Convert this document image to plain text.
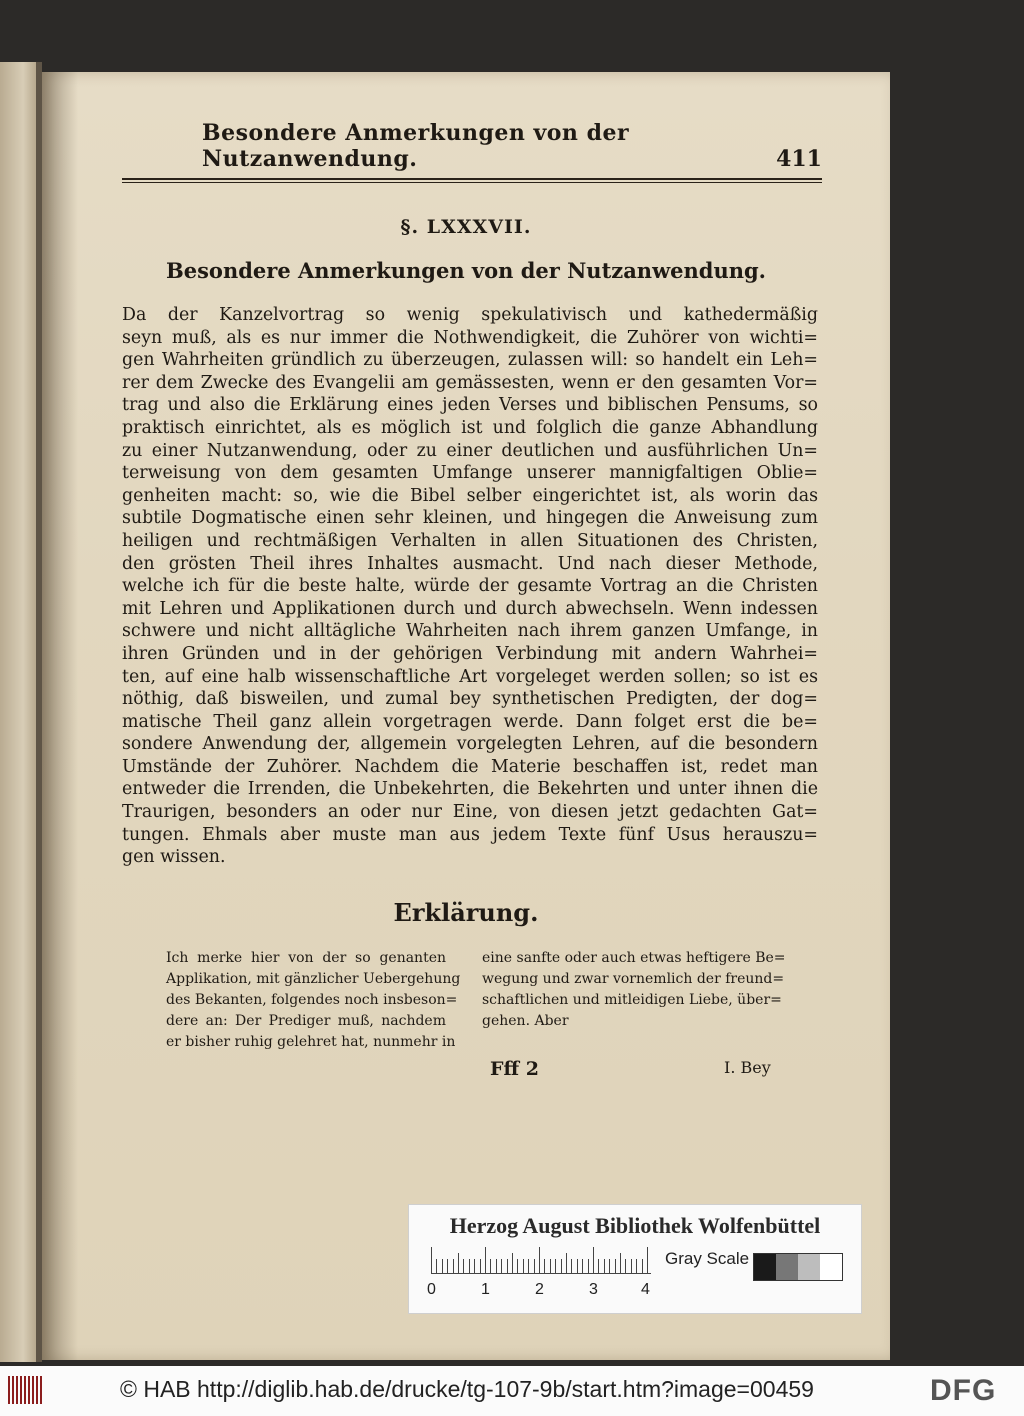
Besondere Anmerkungen von der Nutzanwendung.	411
§. LXXXVII.
Besondere Anmerkungen von der Nutzanwendung.
Da der Kanzelvortrag so wenig spekulativisch und kathedermäßig
seyn muß, als es nur immer die Nothwendigkeit, die Zuhörer von wichti=
gen Wahrheiten gründlich zu überzeugen, zulassen will: so handelt ein Leh=
rer dem Zwecke des Evangelii am gemässesten, wenn er den gesamten Vor=
trag und also die Erklärung eines jeden Verses und biblischen Pensums, so
praktisch einrichtet, als es möglich ist und folglich die ganze Abhandlung
zu einer Nutzanwendung, oder zu einer deutlichen und ausführlichen Un=
terweisung von dem gesamten Umfange unserer mannigfaltigen Oblie=
genheiten macht: so, wie die Bibel selber eingerichtet ist, als worin das
subtile Dogmatische einen sehr kleinen, und hingegen die Anweisung zum
heiligen und rechtmäßigen Verhalten in allen Situationen des Christen,
den grösten Theil ihres Inhaltes ausmacht. Und nach dieser Methode,
welche ich für die beste halte, würde der gesamte Vortrag an die Christen
mit Lehren und Applikationen durch und durch abwechseln. Wenn indessen
schwere und nicht alltägliche Wahrheiten nach ihrem ganzen Umfange, in
ihren Gründen und in der gehörigen Verbindung mit andern Wahrhei=
ten, auf eine halb wissenschaftliche Art vorgeleget werden sollen; so ist es
nöthig, daß bisweilen, und zumal bey synthetischen Predigten, der dog=
matische Theil ganz allein vorgetragen werde. Dann folget erst die be=
sondere Anwendung der, allgemein vorgelegten Lehren, auf die besondern
Umstände der Zuhörer. Nachdem die Materie beschaffen ist, redet man
entweder die Irrenden, die Unbekehrten, die Bekehrten und unter ihnen die
Traurigen, besonders an oder nur Eine, von diesen jetzt gedachten Gat=
tungen. Ehmals aber muste man aus jedem Texte fünf Usus herauszu=
gen wissen.
Erklärung.
Ich merke hier von der so genanten
Applikation, mit gänzlicher Uebergehung
des Bekanten, folgendes noch insbeson=
dere an: Der Prediger muß, nachdem
er bisher ruhig gelehret hat, nunmehr in
eine sanfte oder auch etwas heftigere Be=
wegung und zwar vornemlich der freund=
schaftlichen und mitleidigen Liebe, über=
gehen. Aber
Fff 2	I. Bey
Herzog August Bibliothek Wolfenbüttel
0	1	2	3	4
Gray Scale
© HAB http://diglib.hab.de/drucke/tg-107-9b/start.htm?image=00459	DFG
